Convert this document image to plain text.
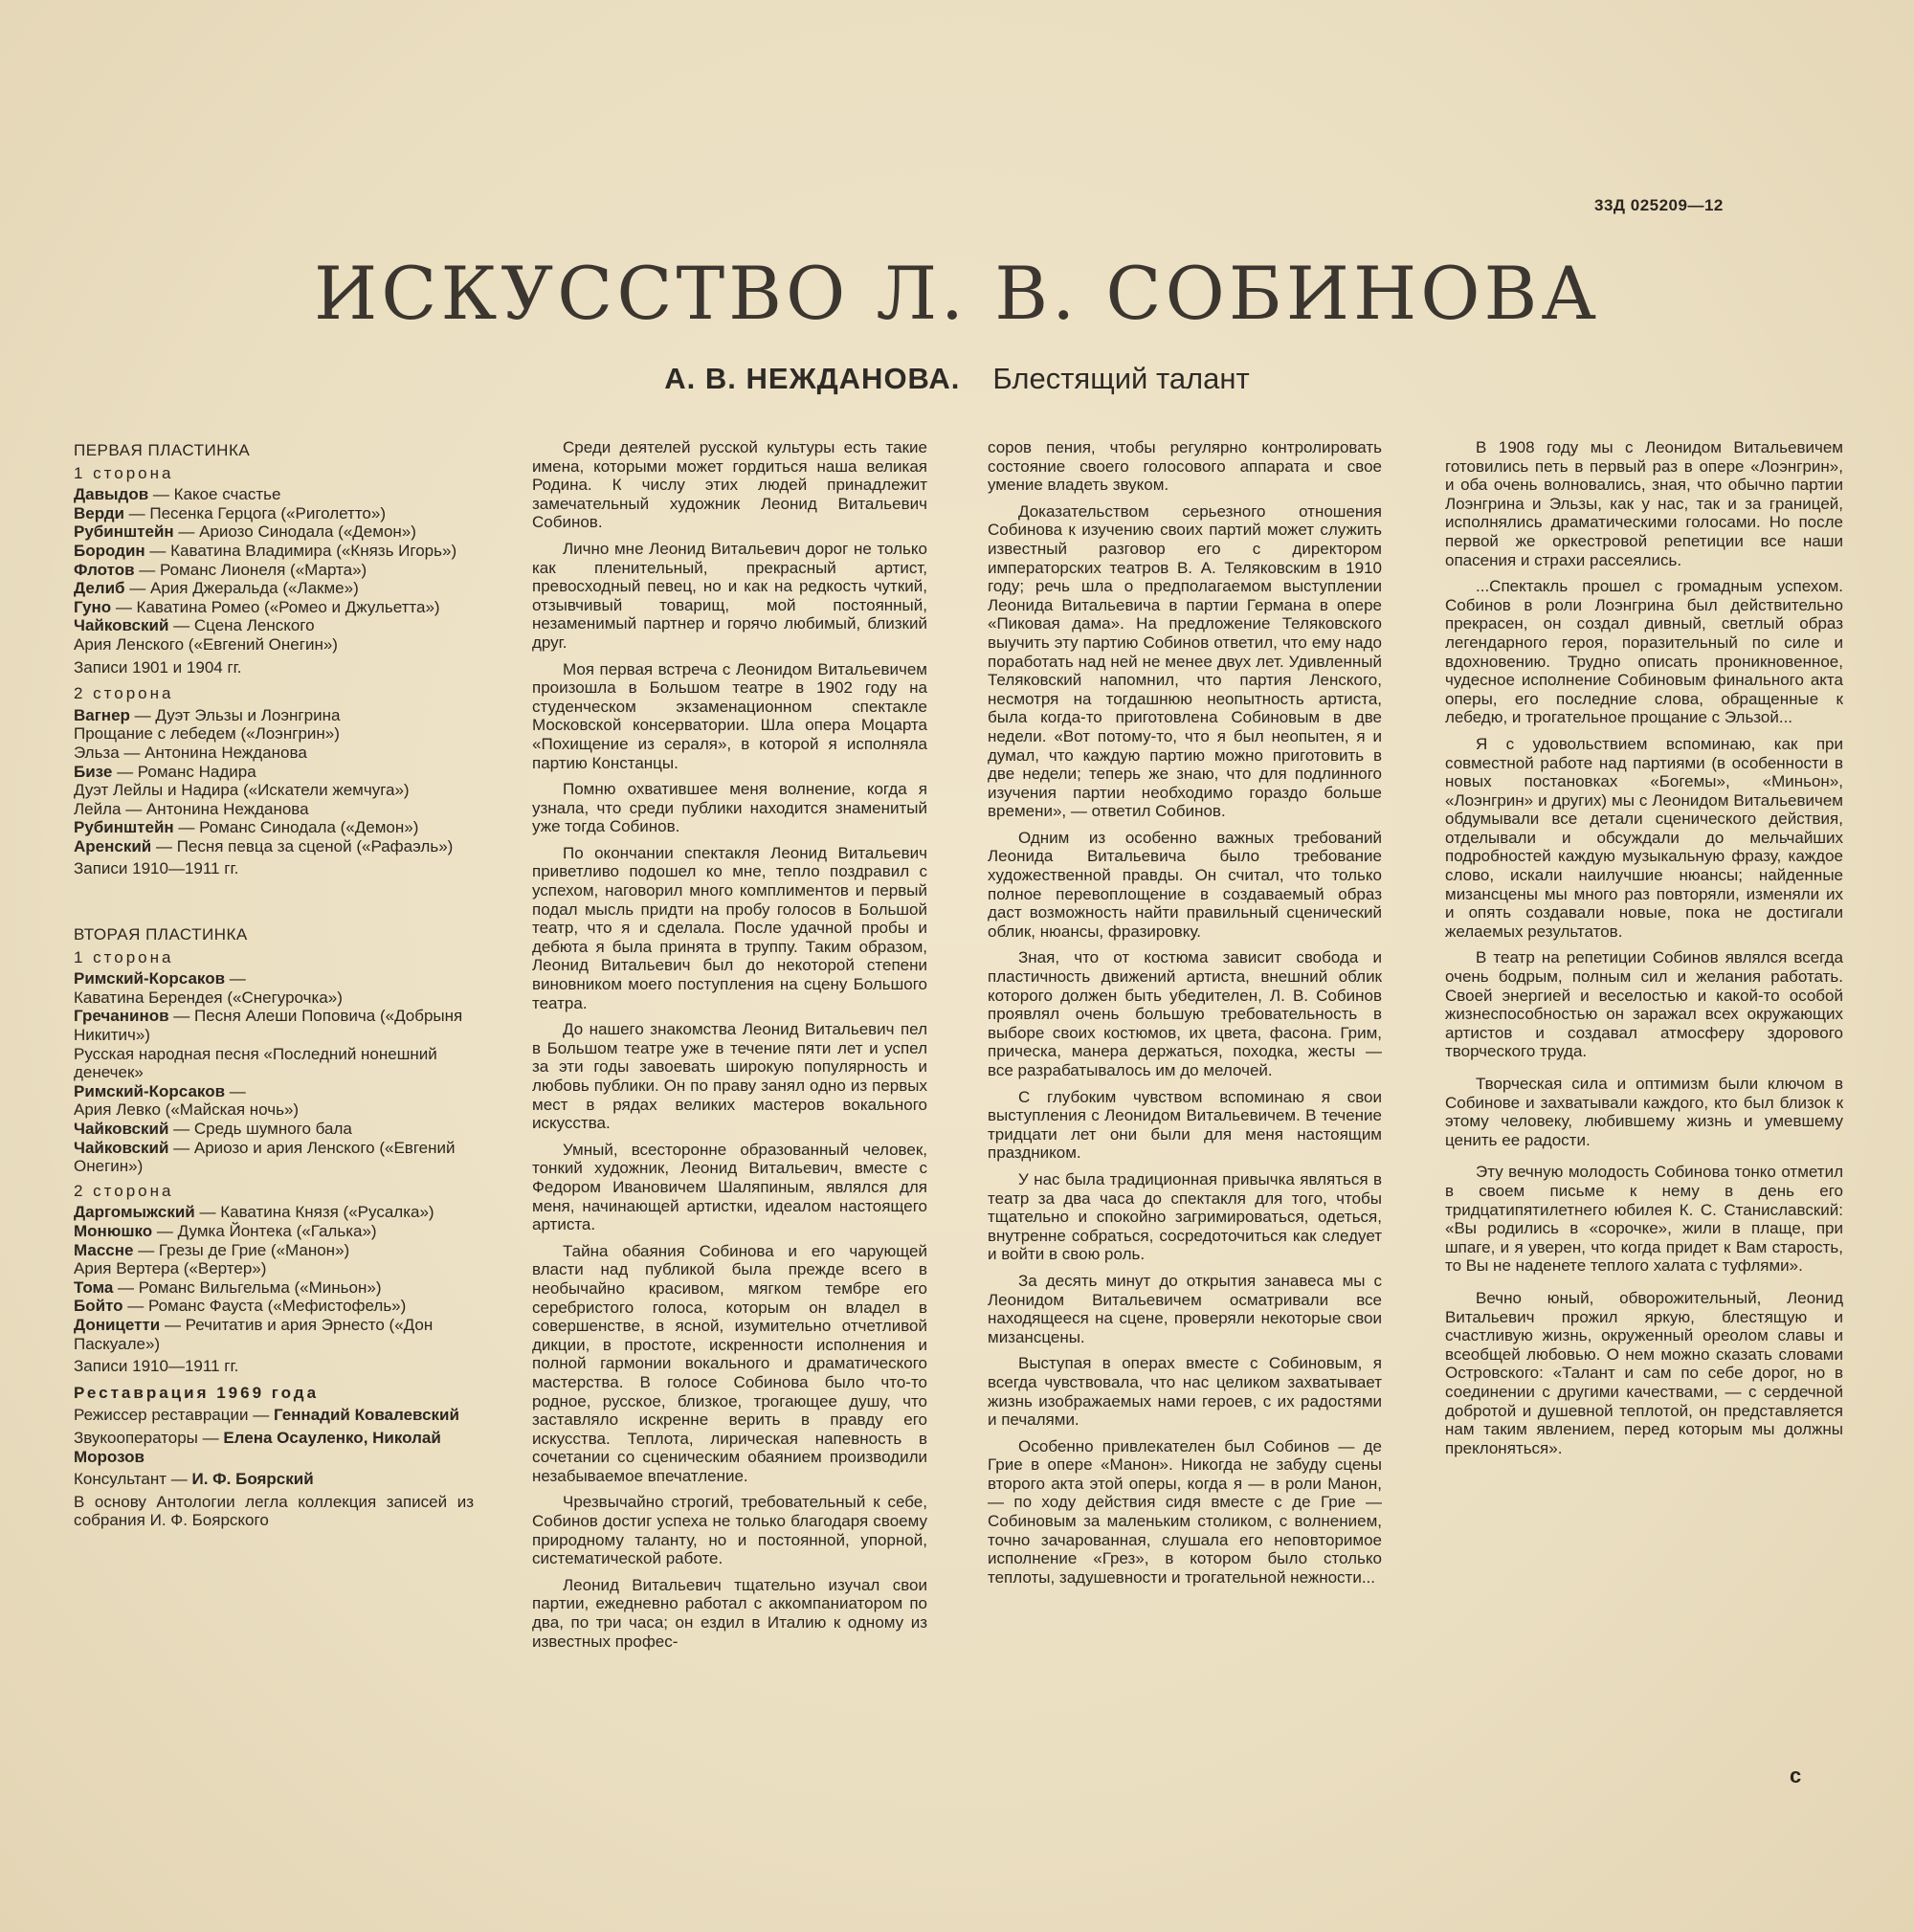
33Д 025209—12
ИСКУССТВО Л. В. СОБИНОВА
А. В. НЕЖДАНОВА. Блестящий талант
ПЕРВАЯ ПЛАСТИНКА
1 сторона
Давыдов — Какое счастье
Верди — Песенка Герцога («Риголетто»)
Рубинштейн — Ариозо Синодала («Демон»)
Бородин — Каватина Владимира («Князь Игорь»)
Флотов — Романс Лионеля («Марта»)
Делиб — Ария Джеральда («Лакме»)
Гуно — Каватина Ромео («Ромео и Джульетта»)
Чайковский — Сцена Ленского
Ария Ленского («Евгений Онегин»)
Записи 1901 и 1904 гг.
2 сторона
Вагнер — Дуэт Эльзы и Лоэнгрина
Прощание с лебедем («Лоэнгрин»)
Эльза — Антонина Нежданова
Бизе — Романс Надира
Дуэт Лейлы и Надира («Искатели жемчуга»)
Лейла — Антонина Нежданова
Рубинштейн — Романс Синодала («Демон»)
Аренский — Песня певца за сценой («Рафаэль»)
Записи 1910—1911 гг.
ВТОРАЯ ПЛАСТИНКА
1 сторона
Римский-Корсаков —
Каватина Берендея («Снегурочка»)
Гречанинов — Песня Алеши Поповича («Добрыня Никитич»)
Русская народная песня «Последний нонешний денечек»
Римский-Корсаков —
Ария Левко («Майская ночь»)
Чайковский — Средь шумного бала
Чайковский — Ариозо и ария Ленского («Евгений Онегин»)
2 сторона
Даргомыжский — Каватина Князя («Русалка»)
Монюшко — Думка Йонтека («Галька»)
Массне — Грезы де Грие («Манон»)
Ария Вертера («Вертер»)
Тома — Романс Вильгельма («Миньон»)
Бойто — Романс Фауста («Мефистофель»)
Доницетти — Речитатив и ария Эрнесто («Дон Паскуале»)
Записи 1910—1911 гг.
Реставрация 1969 года
Режиссер реставрации — Геннадий Ковалевский
Звукооператоры — Елена Осауленко, Николай Морозов
Консультант — И. Ф. Боярский
В основу Антологии легла коллекция записей из собрания И. Ф. Боярского

Среди деятелей русской культуры есть такие имена, которыми может гордиться наша великая Родина. К числу этих людей принадлежит замечательный художник Леонид Витальевич Собинов.

Лично мне Леонид Витальевич дорог не только как пленительный, прекрасный артист, превосходный певец, но и как на редкость чуткий, отзывчивый товарищ, мой постоянный, незаменимый партнер и горячо любимый, близкий друг.

Моя первая встреча с Леонидом Витальевичем произошла в Большом театре в 1902 году на студенческом экзаменационном спектакле Московской консерватории. Шла опера Моцарта «Похищение из сераля», в которой я исполняла партию Констанцы.

Помню охватившее меня волнение, когда я узнала, что среди публики находится знаменитый уже тогда Собинов.

По окончании спектакля Леонид Витальевич приветливо подошел ко мне, тепло поздравил с успехом, наговорил много комплиментов и первый подал мысль придти на пробу голосов в Большой театр, что я и сделала. После удачной пробы и дебюта я была принята в труппу. Таким образом, Леонид Витальевич был до некоторой степени виновником моего поступления на сцену Большого театра.

До нашего знакомства Леонид Витальевич пел в Большом театре уже в течение пяти лет и успел за эти годы завоевать широкую популярность и любовь публики. Он по праву занял одно из первых мест в рядах великих мастеров вокального искусства.

Умный, всесторонне образованный человек, тонкий художник, Леонид Витальевич, вместе с Федором Ивановичем Шаляпиным, являлся для меня, начинающей артистки, идеалом настоящего артиста.

Тайна обаяния Собинова и его чарующей власти над публикой была прежде всего в необычайно красивом, мягком тембре его серебристого голоса, которым он владел в совершенстве, в ясной, изумительно отчетливой дикции, в простоте, искренности исполнения и полной гармонии вокального и драматического мастерства. В голосе Собинова было что-то родное, русское, близкое, трогающее душу, что заставляло искренне верить в правду его искусства. Теплота, лирическая напевность в сочетании со сценическим обаянием производили незабываемое впечатление.

Чрезвычайно строгий, требовательный к себе, Собинов достиг успеха не только благодаря своему природному таланту, но и постоянной, упорной, систематической работе.

Леонид Витальевич тщательно изучал свои партии, ежедневно работал с аккомпаниатором по два, по три часа; он ездил в Италию к одному из известных профес-

соров пения, чтобы регулярно контролировать состояние своего голосового аппарата и свое умение владеть звуком.

Доказательством серьезного отношения Собинова к изучению своих партий может служить известный разговор его с директором императорских театров В. А. Теляковским в 1910 году; речь шла о предполагаемом выступлении Леонида Витальевича в партии Германа в опере «Пиковая дама». На предложение Теляковского выучить эту партию Собинов ответил, что ему надо поработать над ней не менее двух лет. Удивленный Теляковский напомнил, что партия Ленского, несмотря на тогдашнюю неопытность артиста, была когда-то приготовлена Собиновым в две недели. «Вот потому-то, что я был неопытен, я и думал, что каждую партию можно приготовить в две недели; теперь же знаю, что для подлинного изучения партии необходимо гораздо больше времени», — ответил Собинов.

Одним из особенно важных требований Леонида Витальевича было требование художественной правды. Он считал, что только полное перевоплощение в создаваемый образ даст возможность найти правильный сценический облик, нюансы, фразировку.

Зная, что от костюма зависит свобода и пластичность движений артиста, внешний облик которого должен быть убедителен, Л. В. Собинов проявлял очень большую требовательность в выборе своих костюмов, их цвета, фасона. Грим, прическа, манера держаться, походка, жесты — все разрабатывалось им до мелочей.

С глубоким чувством вспоминаю я свои выступления с Леонидом Витальевичем. В течение тридцати лет они были для меня настоящим праздником.

У нас была традиционная привычка являться в театр за два часа до спектакля для того, чтобы тщательно и спокойно загримироваться, одеться, внутренне собраться, сосредоточиться как следует и войти в свою роль.

За десять минут до открытия занавеса мы с Леонидом Витальевичем осматривали все находящееся на сцене, проверяли некоторые свои мизансцены.

Выступая в операх вместе с Собиновым, я всегда чувствовала, что нас целиком захватывает жизнь изображаемых нами героев, с их радостями и печалями.

Особенно привлекателен был Собинов — де Грие в опере «Манон». Никогда не забуду сцены второго акта этой оперы, когда я — в роли Манон, — по ходу действия сидя вместе с де Грие — Собиновым за маленьким столиком, с волнением, точно зачарованная, слушала его неповторимое исполнение «Грез», в котором было столько теплоты, задушевности и трогательной нежности...

В 1908 году мы с Леонидом Витальевичем готовились петь в первый раз в опере «Лоэнгрин», и оба очень волновались, зная, что обычно партии Лоэнгрина и Эльзы, как у нас, так и за границей, исполнялись драматическими голосами. Но после первой же оркестровой репетиции все наши опасения и страхи рассеялись.

...Спектакль прошел с громадным успехом. Собинов в роли Лоэнгрина был действительно прекрасен, он создал дивный, светлый образ легендарного героя, поразительный по силе и вдохновению. Трудно описать проникновенное, чудесное исполнение Собиновым финального акта оперы, его последние слова, обращенные к лебедю, и трогательное прощание с Эльзой...

Я с удовольствием вспоминаю, как при совместной работе над партиями (в особенности в новых постановках «Богемы», «Миньон», «Лоэнгрин» и других) мы с Леонидом Витальевичем обдумывали все детали сценического действия, отделывали и обсуждали до мельчайших подробностей каждую музыкальную фразу, каждое слово, искали наилучшие нюансы; найденные мизансцены мы много раз повторяли, изменяли их и опять создавали новые, пока не достигали желаемых результатов.

В театр на репетиции Собинов являлся всегда очень бодрым, полным сил и желания работать. Своей энергией и веселостью и какой-то особой жизнеспособностью он заражал всех окружающих артистов и создавал атмосферу здорового творческого труда.

Творческая сила и оптимизм были ключом в Собинове и захватывали каждого, кто был близок к этому человеку, любившему жизнь и умевшему ценить ее радости.

Эту вечную молодость Собинова тонко отметил в своем письме к нему в день его тридцатипятилетнего юбилея К. С. Станиславский: «Вы родились в «сорочке», жили в плаще, при шпаге, и я уверен, что когда придет к Вам старость, то Вы не наденете теплого халата с туфлями».

Вечно юный, обворожительный, Леонид Витальевич прожил яркую, блестящую и счастливую жизнь, окруженный ореолом славы и всеобщей любовью. О нем можно сказать словами Островского: «Талант и сам по себе дорог, но в соединении с другими качествами, — с сердечной добротой и душевной теплотой, он представляется нам таким явлением, перед которым мы должны преклоняться».

с
